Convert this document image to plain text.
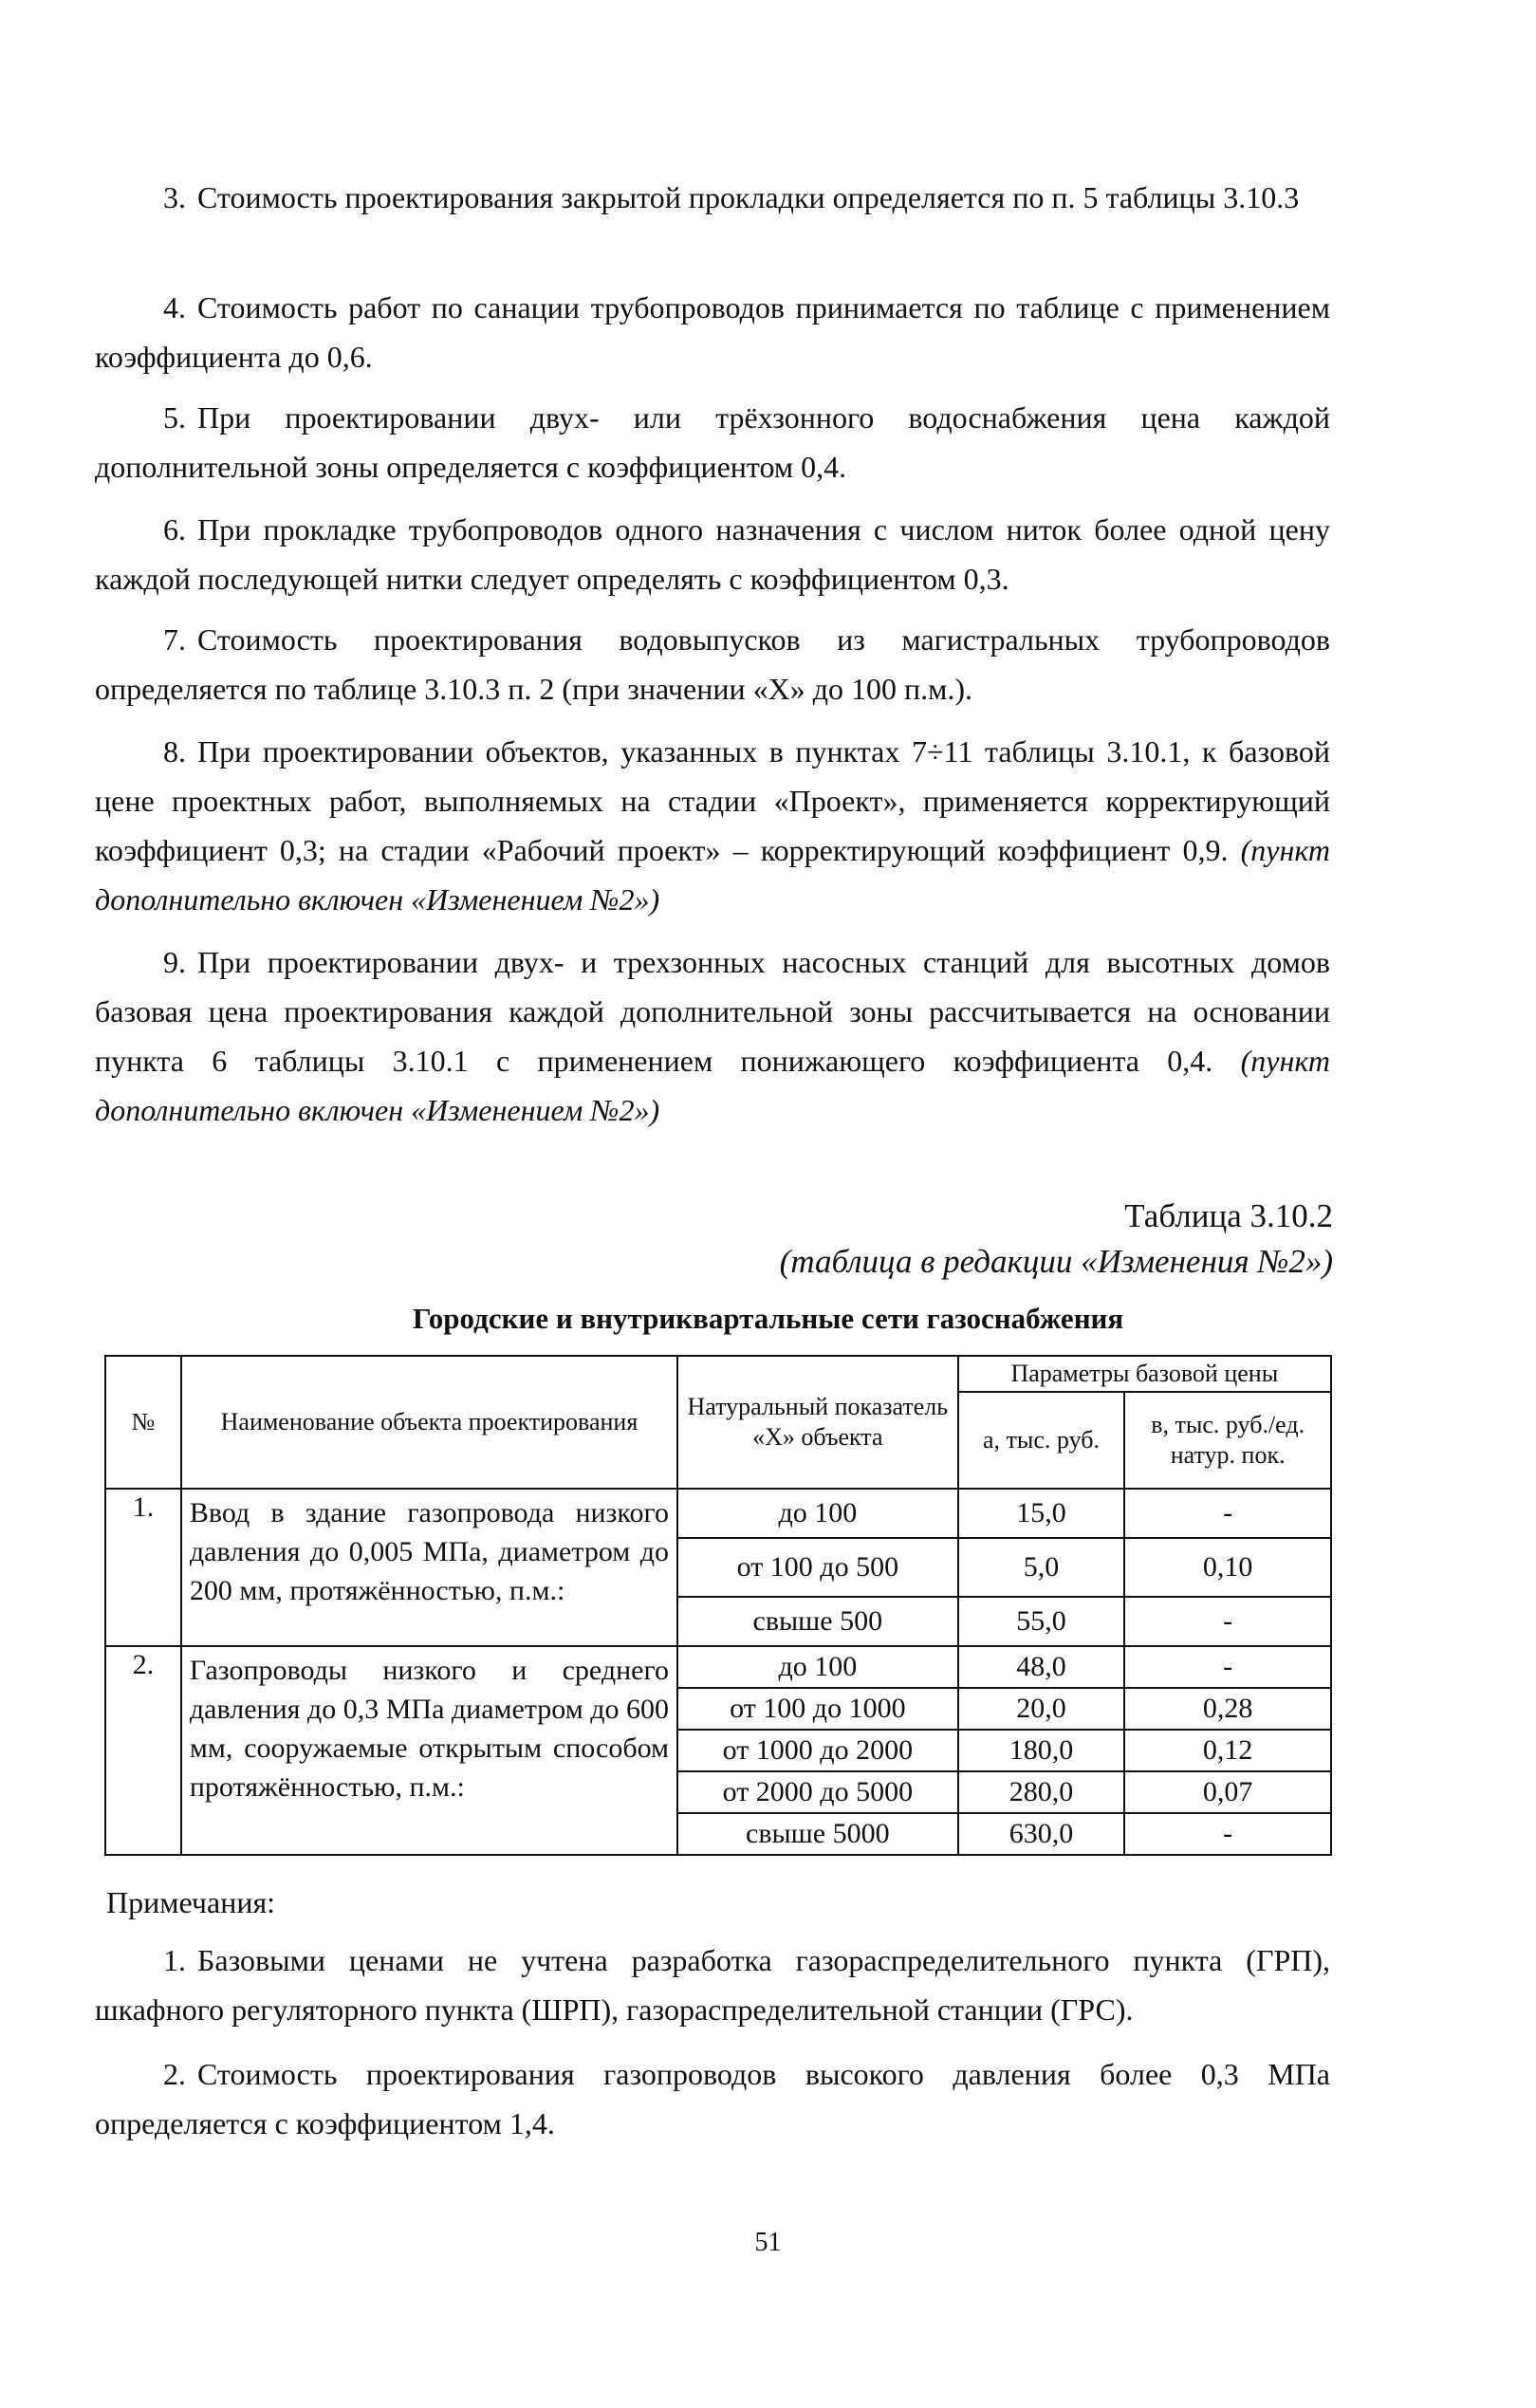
3. Стоимость проектирования закрытой прокладки определяется по п. 5 таблицы 3.10.3

4. Стоимость работ по санации трубопроводов принимается по таблице с применением коэффициента до 0,6.

5. При проектировании двух- или трёхзонного водоснабжения цена каждой дополнительной зоны определяется с коэффициентом 0,4.

6. При прокладке трубопроводов одного назначения с числом ниток более одной цену каждой последующей нитки следует определять с коэффициентом 0,3.

7. Стоимость проектирования водовыпусков из магистральных трубопроводов определяется по таблице 3.10.3 п. 2 (при значении «Х» до 100 п.м.).

8. При проектировании объектов, указанных в пунктах 7÷11 таблицы 3.10.1, к базовой цене проектных работ, выполняемых на стадии «Проект», применяется корректирующий коэффициент 0,3; на стадии «Рабочий проект» – корректирующий коэффициент 0,9. (пункт дополнительно включен «Изменением №2»)

9. При проектировании двух- и трехзонных насосных станций для высотных домов базовая цена проектирования каждой дополнительной зоны рассчитывается на основании пункта 6 таблицы 3.10.1 с применением понижающего коэффициента 0,4. (пункт дополнительно включен «Изменением №2»)

Таблица 3.10.2

(таблица в редакции «Изменения №2»)

Городские и внутриквартальные сети газоснабжения

№	Наименование объекта проектирования	Натуральный показатель «Х» объекта	Параметры базовой цены	
			а, тыс. руб.	в, тыс. руб./ед. натур. пок.
1.	Ввод в здание газопровода низкого давления до 0,005 МПа, диаметром до 200 мм, протяжённостью, п.м.:	до 100	15,0	-
		от 100 до 500	5,0	0,10
		свыше 500	55,0	-
2.	Газопроводы низкого и среднего давления до 0,3 МПа диаметром до 600 мм, сооружаемые открытым способом протяжённостью, п.м.:	до 100	48,0	-
		от 100 до 1000	20,0	0,28
		от 1000 до 2000	180,0	0,12
		от 2000 до 5000	280,0	0,07
		свыше 5000	630,0	-

Примечания:

1. Базовыми ценами не учтена разработка газораспределительного пункта (ГРП), шкафного регуляторного пункта (ШРП), газораспределительной станции (ГРС).

2. Стоимость проектирования газопроводов высокого давления более 0,3 МПа определяется с коэффициентом 1,4.

51
